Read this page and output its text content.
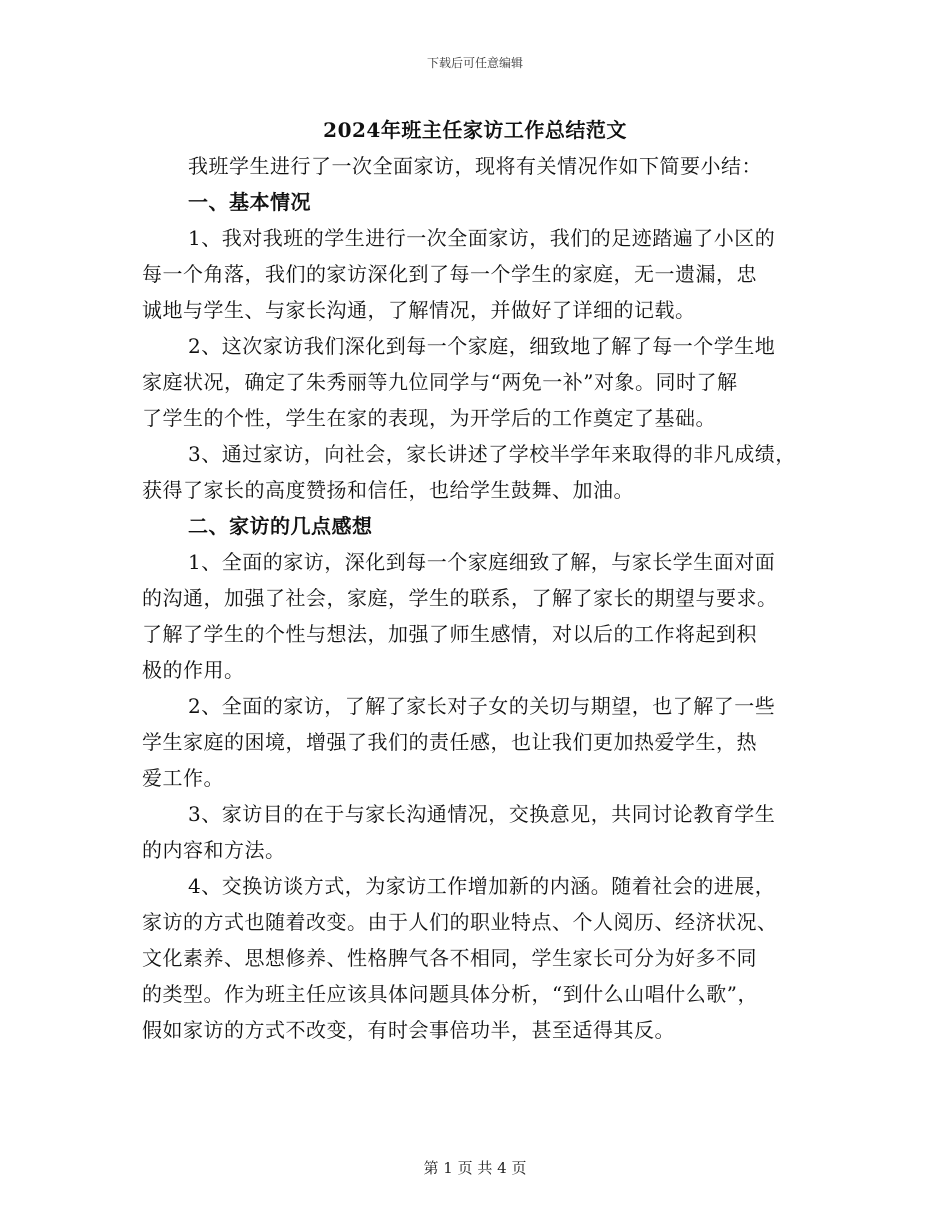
下载后可任意编辑
2024年班主任家访工作总结范文
我班学生进行了一次全面家访，现将有关情况作如下简要小结：
一、基本情况
1、我对我班的学生进行一次全面家访，我们的足迹踏遍了小区的
每一个角落，我们的家访深化到了每一个学生的家庭，无一遗漏，忠
诚地与学生、与家长沟通，了解情况，并做好了详细的记载。
2、这次家访我们深化到每一个家庭，细致地了解了每一个学生地
家庭状况，确定了朱秀丽等九位同学与“两免一补”对象。同时了解
了学生的个性，学生在家的表现，为开学后的工作奠定了基础。
3、通过家访，向社会，家长讲述了学校半学年来取得的非凡成绩，
获得了家长的高度赞扬和信任，也给学生鼓舞、加油。
二、家访的几点感想
1、全面的家访，深化到每一个家庭细致了解，与家长学生面对面
的沟通，加强了社会，家庭，学生的联系，了解了家长的期望与要求。
了解了学生的个性与想法，加强了师生感情，对以后的工作将起到积
极的作用。
2、全面的家访，了解了家长对子女的关切与期望，也了解了一些
学生家庭的困境，增强了我们的责任感，也让我们更加热爱学生，热
爱工作。
3、家访目的在于与家长沟通情况，交换意见，共同讨论教育学生
的内容和方法。
4、交换访谈方式，为家访工作增加新的内涵。随着社会的进展，
家访的方式也随着改变。由于人们的职业特点、个人阅历、经济状况、
文化素养、思想修养、性格脾气各不相同，学生家长可分为好多不同
的类型。作为班主任应该具体问题具体分析，“到什么山唱什么歌”，
假如家访的方式不改变，有时会事倍功半，甚至适得其反。
第 1 页 共 4 页
